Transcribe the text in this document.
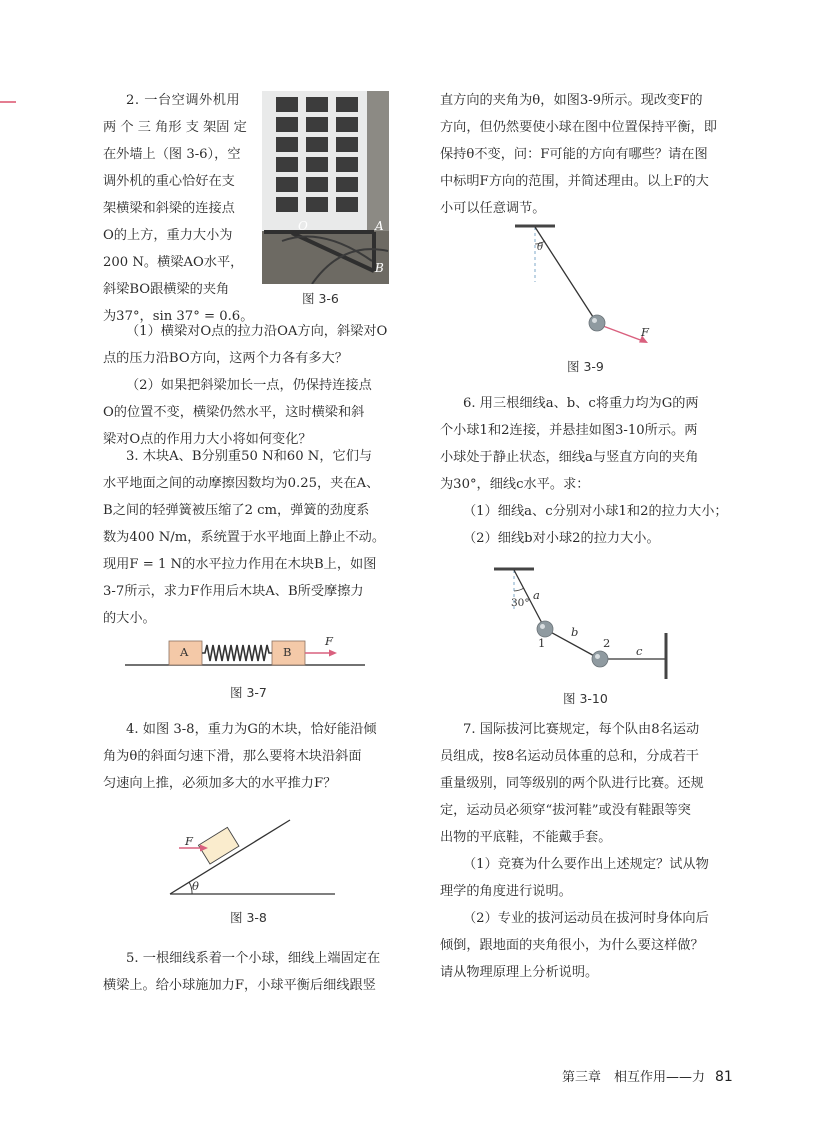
2. 一台空调外机用

两 个 三 角形 支 架固 定

在外墙上（图 3-6），空

调外机的重心恰好在支

架横梁和斜梁的连接点

O的上方，重力大小为

200 N。横梁AO水平，

斜梁BO跟横梁的夹角

为37°，sin 37° = 0.6。

O	A
B
图 3-6

（1）横梁对O点的拉力沿OA方向，斜梁对O

点的压力沿BO方向，这两个力各有多大？

（2）如果把斜梁加长一点，仍保持连接点

O的位置不变，横梁仍然水平，这时横梁和斜

梁对O点的作用力大小将如何变化？

3. 木块A、B分别重50 N和60 N，它们与

水平地面之间的动摩擦因数均为0.25，夹在A、

B之间的轻弹簧被压缩了2 cm，弹簧的劲度系

数为400 N/m，系统置于水平地面上静止不动。

现用F = 1 N的水平拉力作用在木块B上，如图

3-7所示，求力F作用后木块A、B所受摩擦力

的大小。

A	B
F
图 3-7

4. 如图 3-8，重力为G的木块，恰好能沿倾

角为θ的斜面匀速下滑，那么要将木块沿斜面

匀速向上推，必须加多大的水平推力F？

F
θ
图 3-8

5. 一根细线系着一个小球，细线上端固定在

横梁上。给小球施加力F，小球平衡后细线跟竖

直方向的夹角为θ，如图3-9所示。现改变F的

方向，但仍然要使小球在图中位置保持平衡，即

保持θ不变，问：F可能的方向有哪些？请在图

中标明F方向的范围，并简述理由。以上F的大

小可以任意调节。

θ
F
图 3-9

6. 用三根细线a、b、c将重力均为G的两

个小球1和2连接，并悬挂如图3-10所示。两

小球处于静止状态，细线a与竖直方向的夹角

为30°，细线c水平。求：

（1）细线a、c分别对小球1和2的拉力大小；

（2）细线b对小球2的拉力大小。

30°
a
b
c
1	2
图 3-10

7. 国际拔河比赛规定，每个队由8名运动

员组成，按8名运动员体重的总和，分成若干

重量级别，同等级别的两个队进行比赛。还规

定，运动员必须穿“拔河鞋”或没有鞋跟等突

出物的平底鞋，不能戴手套。

（1）竞赛为什么要作出上述规定？试从物

理学的角度进行说明。

（2）专业的拔河运动员在拔河时身体向后

倾倒，跟地面的夹角很小，为什么要这样做？

请从物理原理上分析说明。

第三章　相互作用——力 81
